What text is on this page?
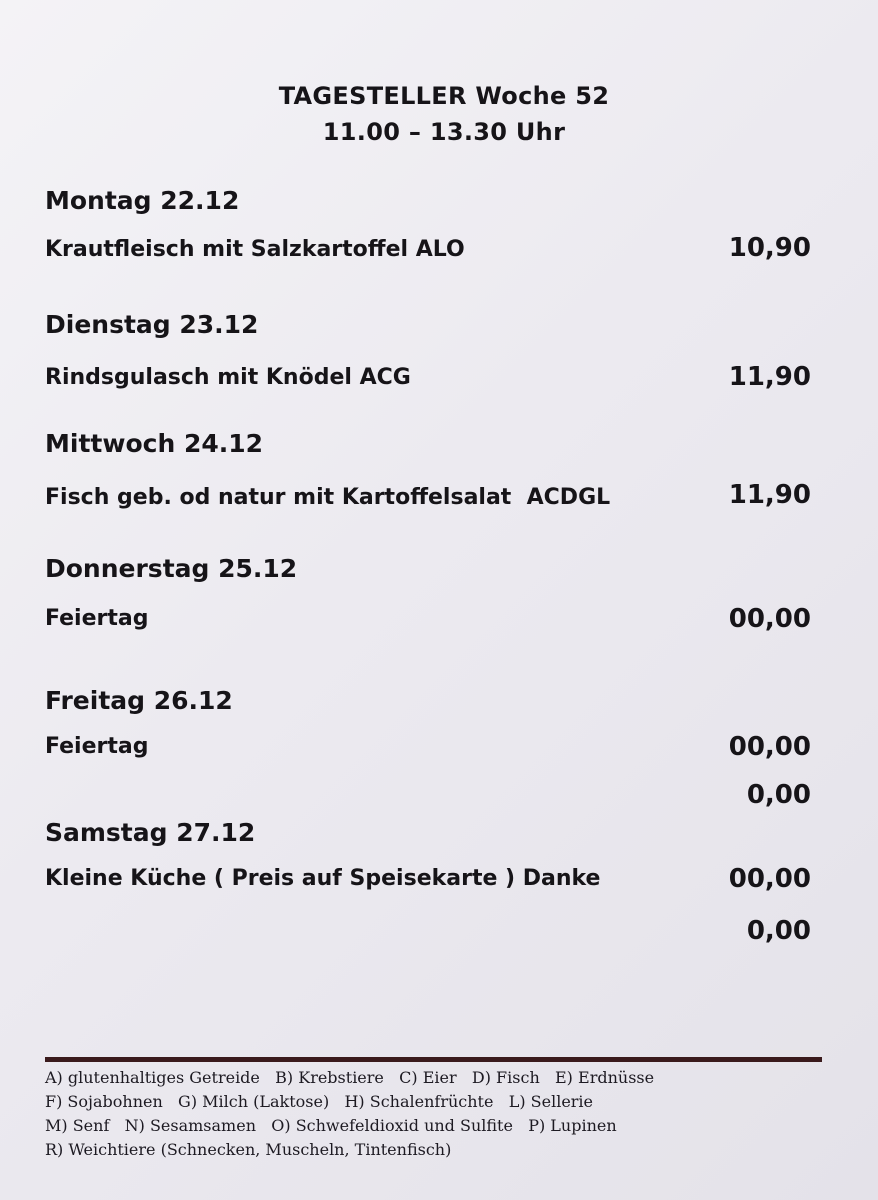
TAGESTELLER Woche 52
11.00 – 13.30 Uhr
Montag 22.12
Krautfleisch mit Salzkartoffel ALO	10,90
Dienstag 23.12
Rindsgulasch mit Knödel ACG	11,90
Mittwoch 24.12
Fisch geb. od natur mit Kartoffelsalat  ACDGL	11,90
Donnerstag 25.12
Feiertag	00,00
Freitag 26.12
Feiertag	00,00
0,00
Samstag 27.12
Kleine Küche ( Preis auf Speisekarte ) Danke	00,00
0,00
A) glutenhaltiges Getreide   B) Krebstiere   C) Eier   D) Fisch   E) Erdnüsse
F) Sojabohnen   G) Milch (Laktose)   H) Schalenfrüchte   L) Sellerie
M) Senf   N) Sesamsamen   O) Schwefeldioxid und Sulfite   P) Lupinen
R) Weichtiere (Schnecken, Muscheln, Tintenfisch)
